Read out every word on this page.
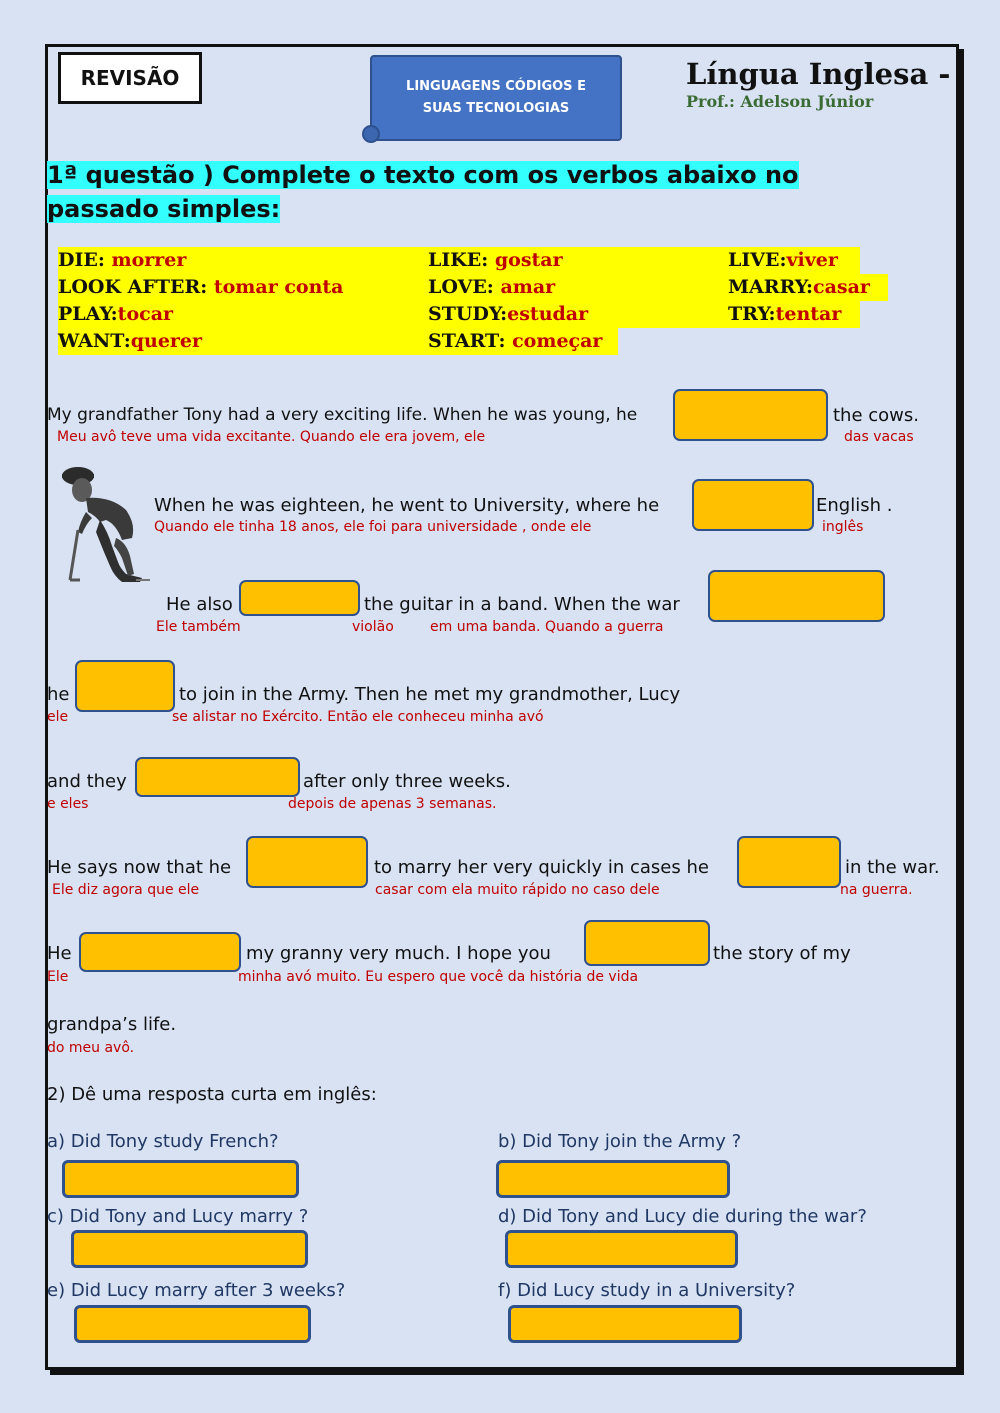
REVISÃO	LINGUAGENS CÓDIGOS E
SUAS TECNOLOGIAS
Língua Inglesa -
Prof.: Adelson Júnior
1ª questão ) Complete o texto com os verbos abaixo no passado simples:
DIE: morrer	LIKE: gostar	LIVE:viver
LOOK AFTER: tomar conta	LOVE: amar	MARRY:casar
PLAY:tocar	STUDY:estudar	TRY:tentar
WANT:querer	START: começar
My grandfather Tony had a very exciting life. When he was young, he	the cows.
Meu avô teve uma vida excitante. Quando ele era jovem, ele	das vacas
When he was eighteen, he went to University, where he	English .
Quando ele tinha 18 anos, ele foi para universidade , onde ele	inglês
He also	the guitar in a band. When the war
Ele também	violão	em uma banda. Quando a guerra
he	to join in the Army. Then he met my grandmother, Lucy
ele	se alistar no Exército. Então ele conheceu minha avó
and they	after only three weeks.
e eles	depois de apenas 3 semanas.
He says now that he	to marry her very quickly in cases he	in the war.
Ele diz agora que ele	casar com ela muito rápido no caso dele	na guerra.
He	my granny very much. I hope you	the story of my
Ele	minha avó muito. Eu espero que você da história de vida
grandpa’s life.
do meu avô.
2) Dê uma resposta curta em inglês:
a) Did Tony study French?	b) Did Tony join the Army ?
c) Did Tony and Lucy marry ?	d) Did Tony and Lucy die during the war?
e) Did Lucy marry after 3 weeks?	f) Did Lucy study in a University?
